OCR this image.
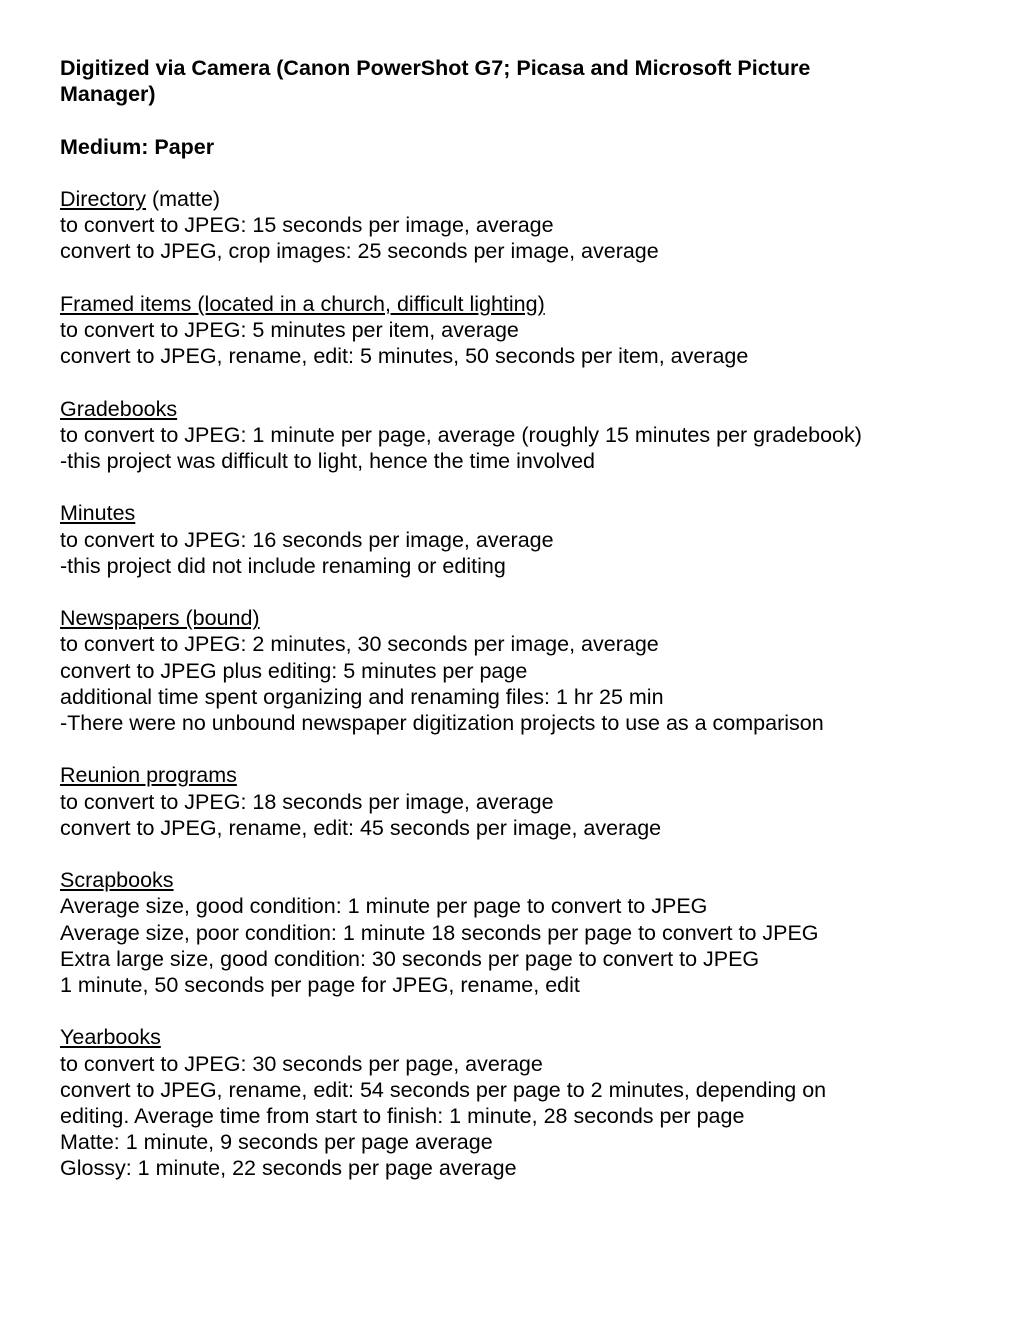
Digitized via Camera (Canon PowerShot G7; Picasa and Microsoft Picture
Manager)

Medium: Paper

Directory (matte)

to convert to JPEG: 15 seconds per image, average

convert to JPEG, crop images: 25 seconds per image, average

Framed items (located in a church, difficult lighting)

to convert to JPEG: 5 minutes per item, average

convert to JPEG, rename, edit: 5 minutes, 50 seconds per item, average

Gradebooks

to convert to JPEG: 1 minute per page, average (roughly 15 minutes per gradebook)

-this project was difficult to light, hence the time involved

Minutes

to convert to JPEG: 16 seconds per image, average

-this project did not include renaming or editing

Newspapers (bound)

to convert to JPEG: 2 minutes, 30 seconds per image, average

convert to JPEG plus editing: 5 minutes per page

additional time spent organizing and renaming files: 1 hr 25 min

-There were no unbound newspaper digitization projects to use as a comparison

Reunion programs

to convert to JPEG: 18 seconds per image, average

convert to JPEG, rename, edit: 45 seconds per image, average

Scrapbooks

Average size, good condition: 1 minute per page to convert to JPEG

Average size, poor condition: 1 minute 18 seconds per page to convert to JPEG

Extra large size, good condition: 30 seconds per page to convert to JPEG

1 minute, 50 seconds per page for JPEG, rename, edit

Yearbooks

to convert to JPEG: 30 seconds per page, average

convert to JPEG, rename, edit: 54 seconds per page to 2 minutes, depending on

editing. Average time from start to finish: 1 minute, 28 seconds per page

Matte: 1 minute, 9 seconds per page average

Glossy: 1 minute, 22 seconds per page average
